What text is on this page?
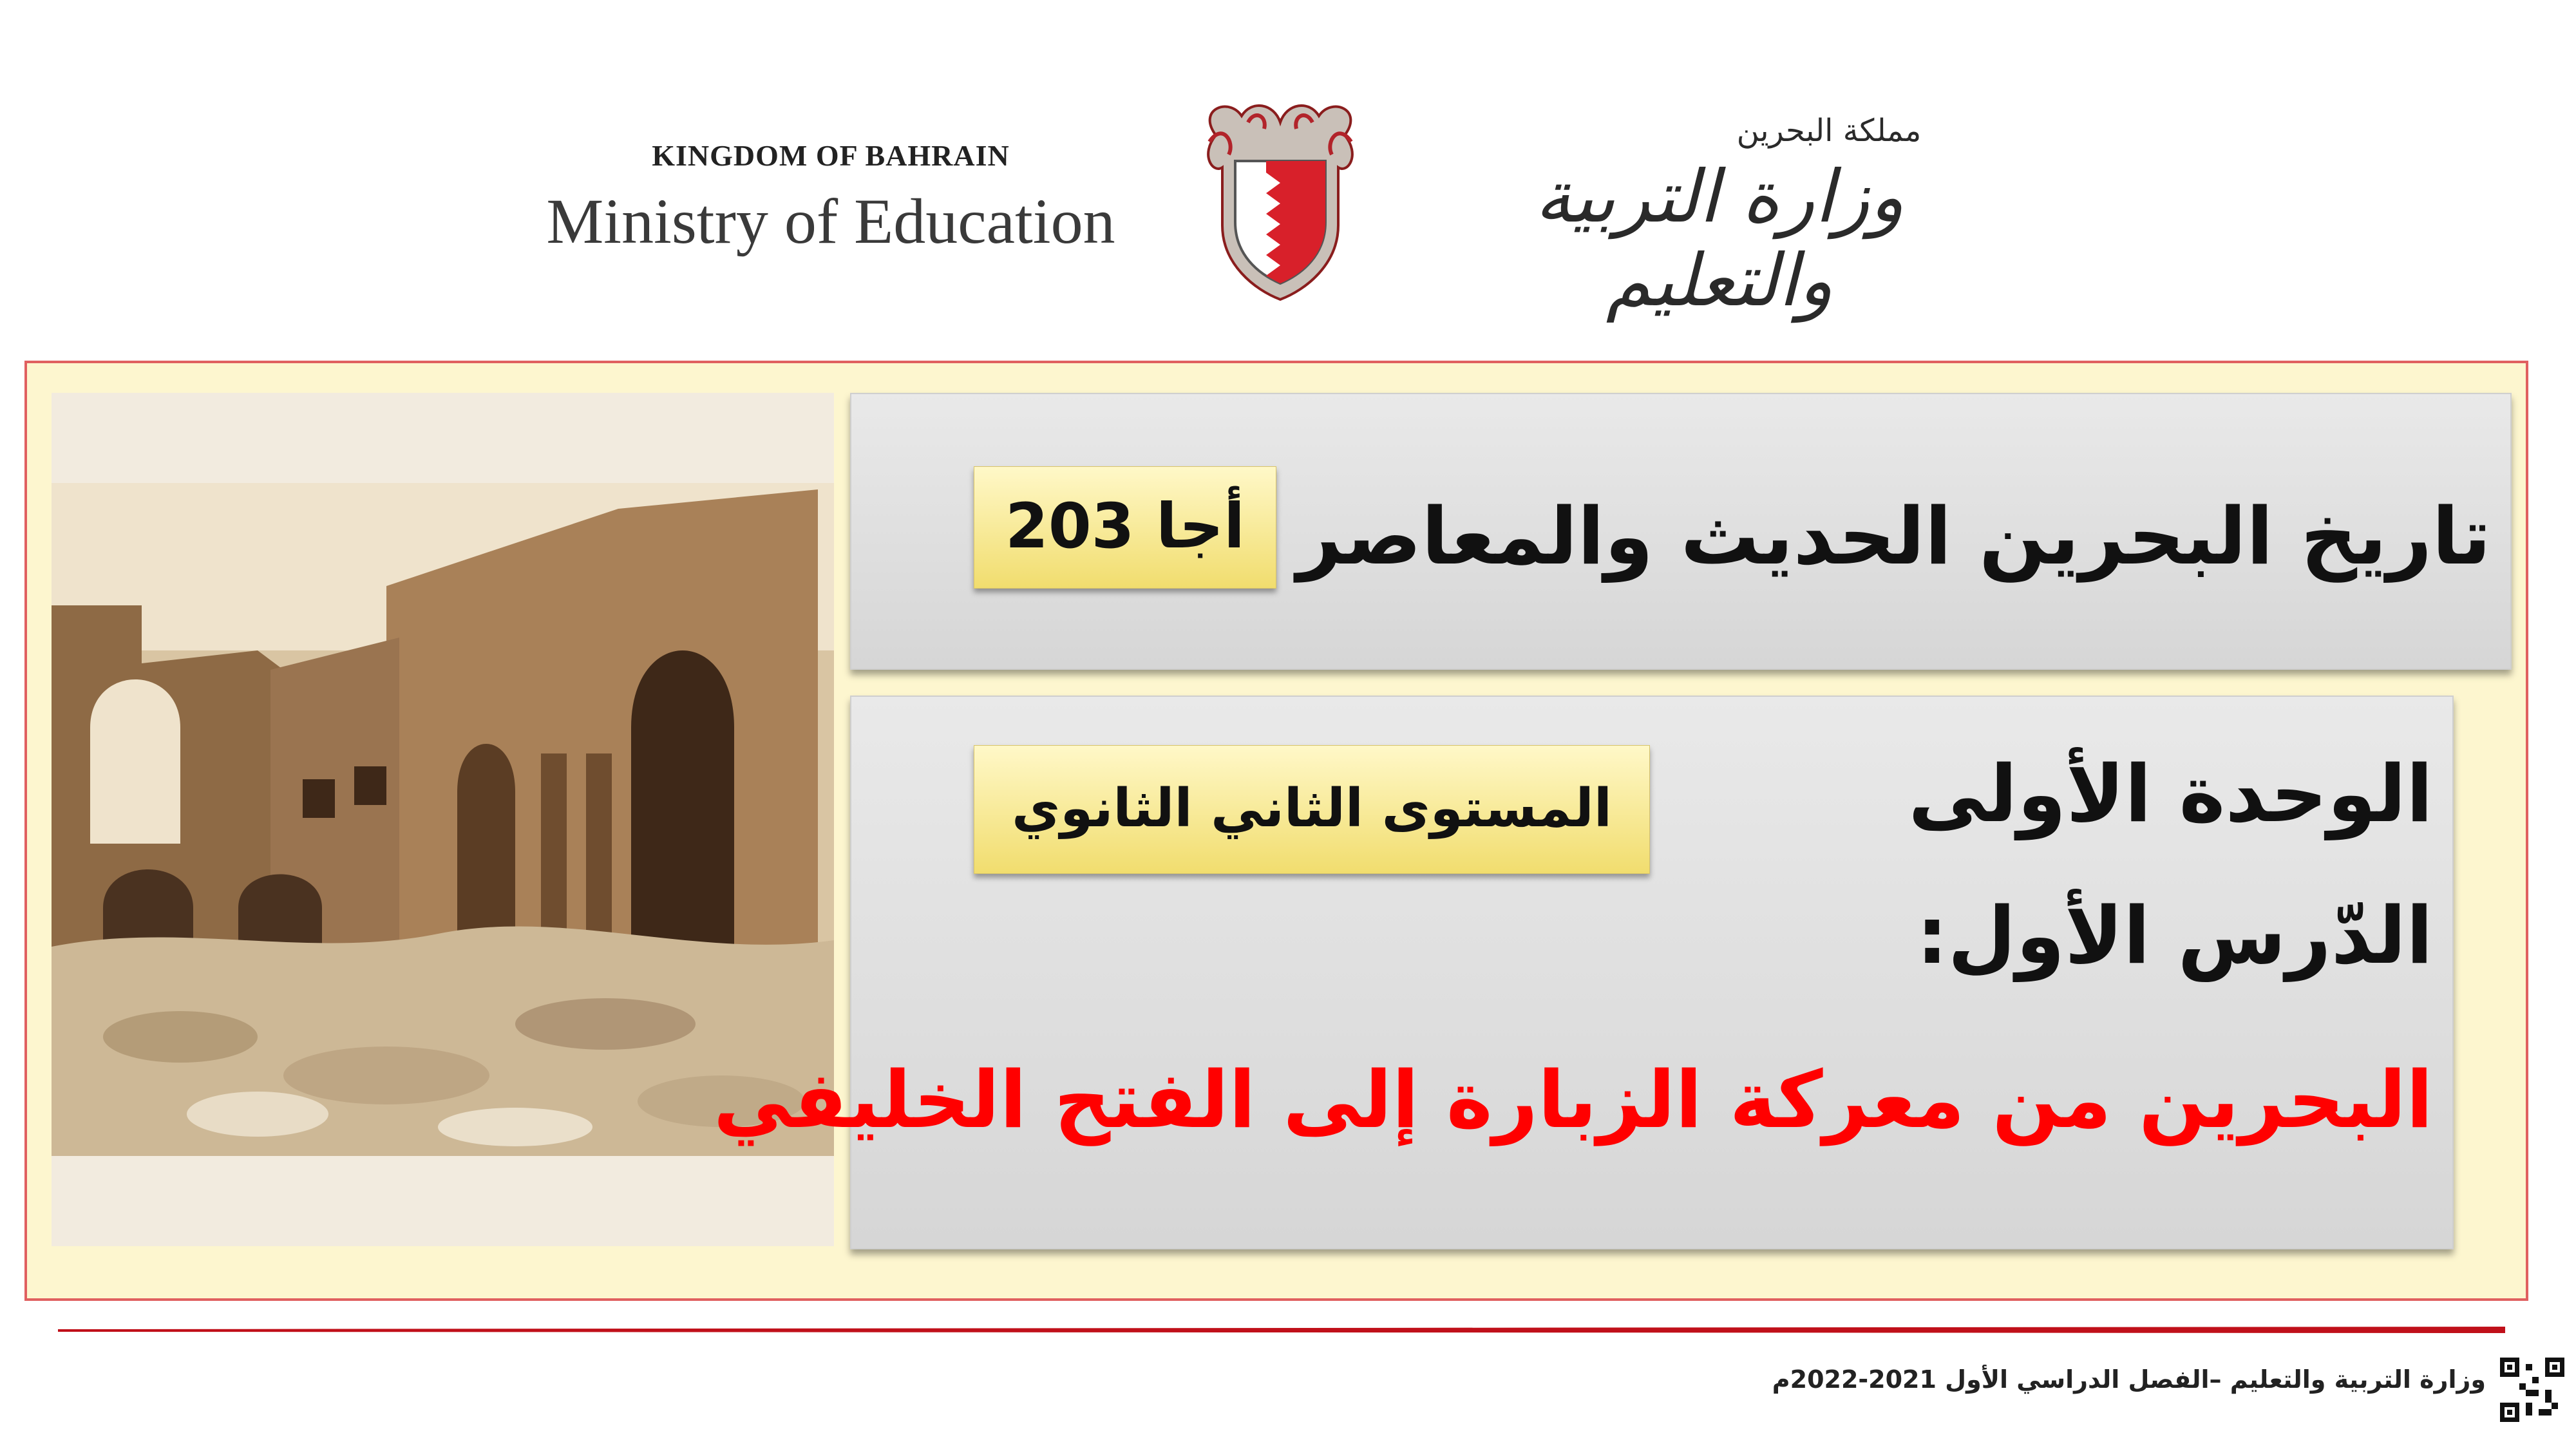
KINGDOM OF BAHRAIN
Ministry of Education
مملكة البحرين
وزارة التربية والتعليم
تاريخ البحرين الحديث والمعاصر
أجا 203
الوحدة الأولى
المستوى الثاني الثانوي
الدّرس الأول:
البحرين من معركة الزبارة إلى الفتح الخليفي
وزارة التربية والتعليم –الفصل الدراسي الأول 2021-2022م
